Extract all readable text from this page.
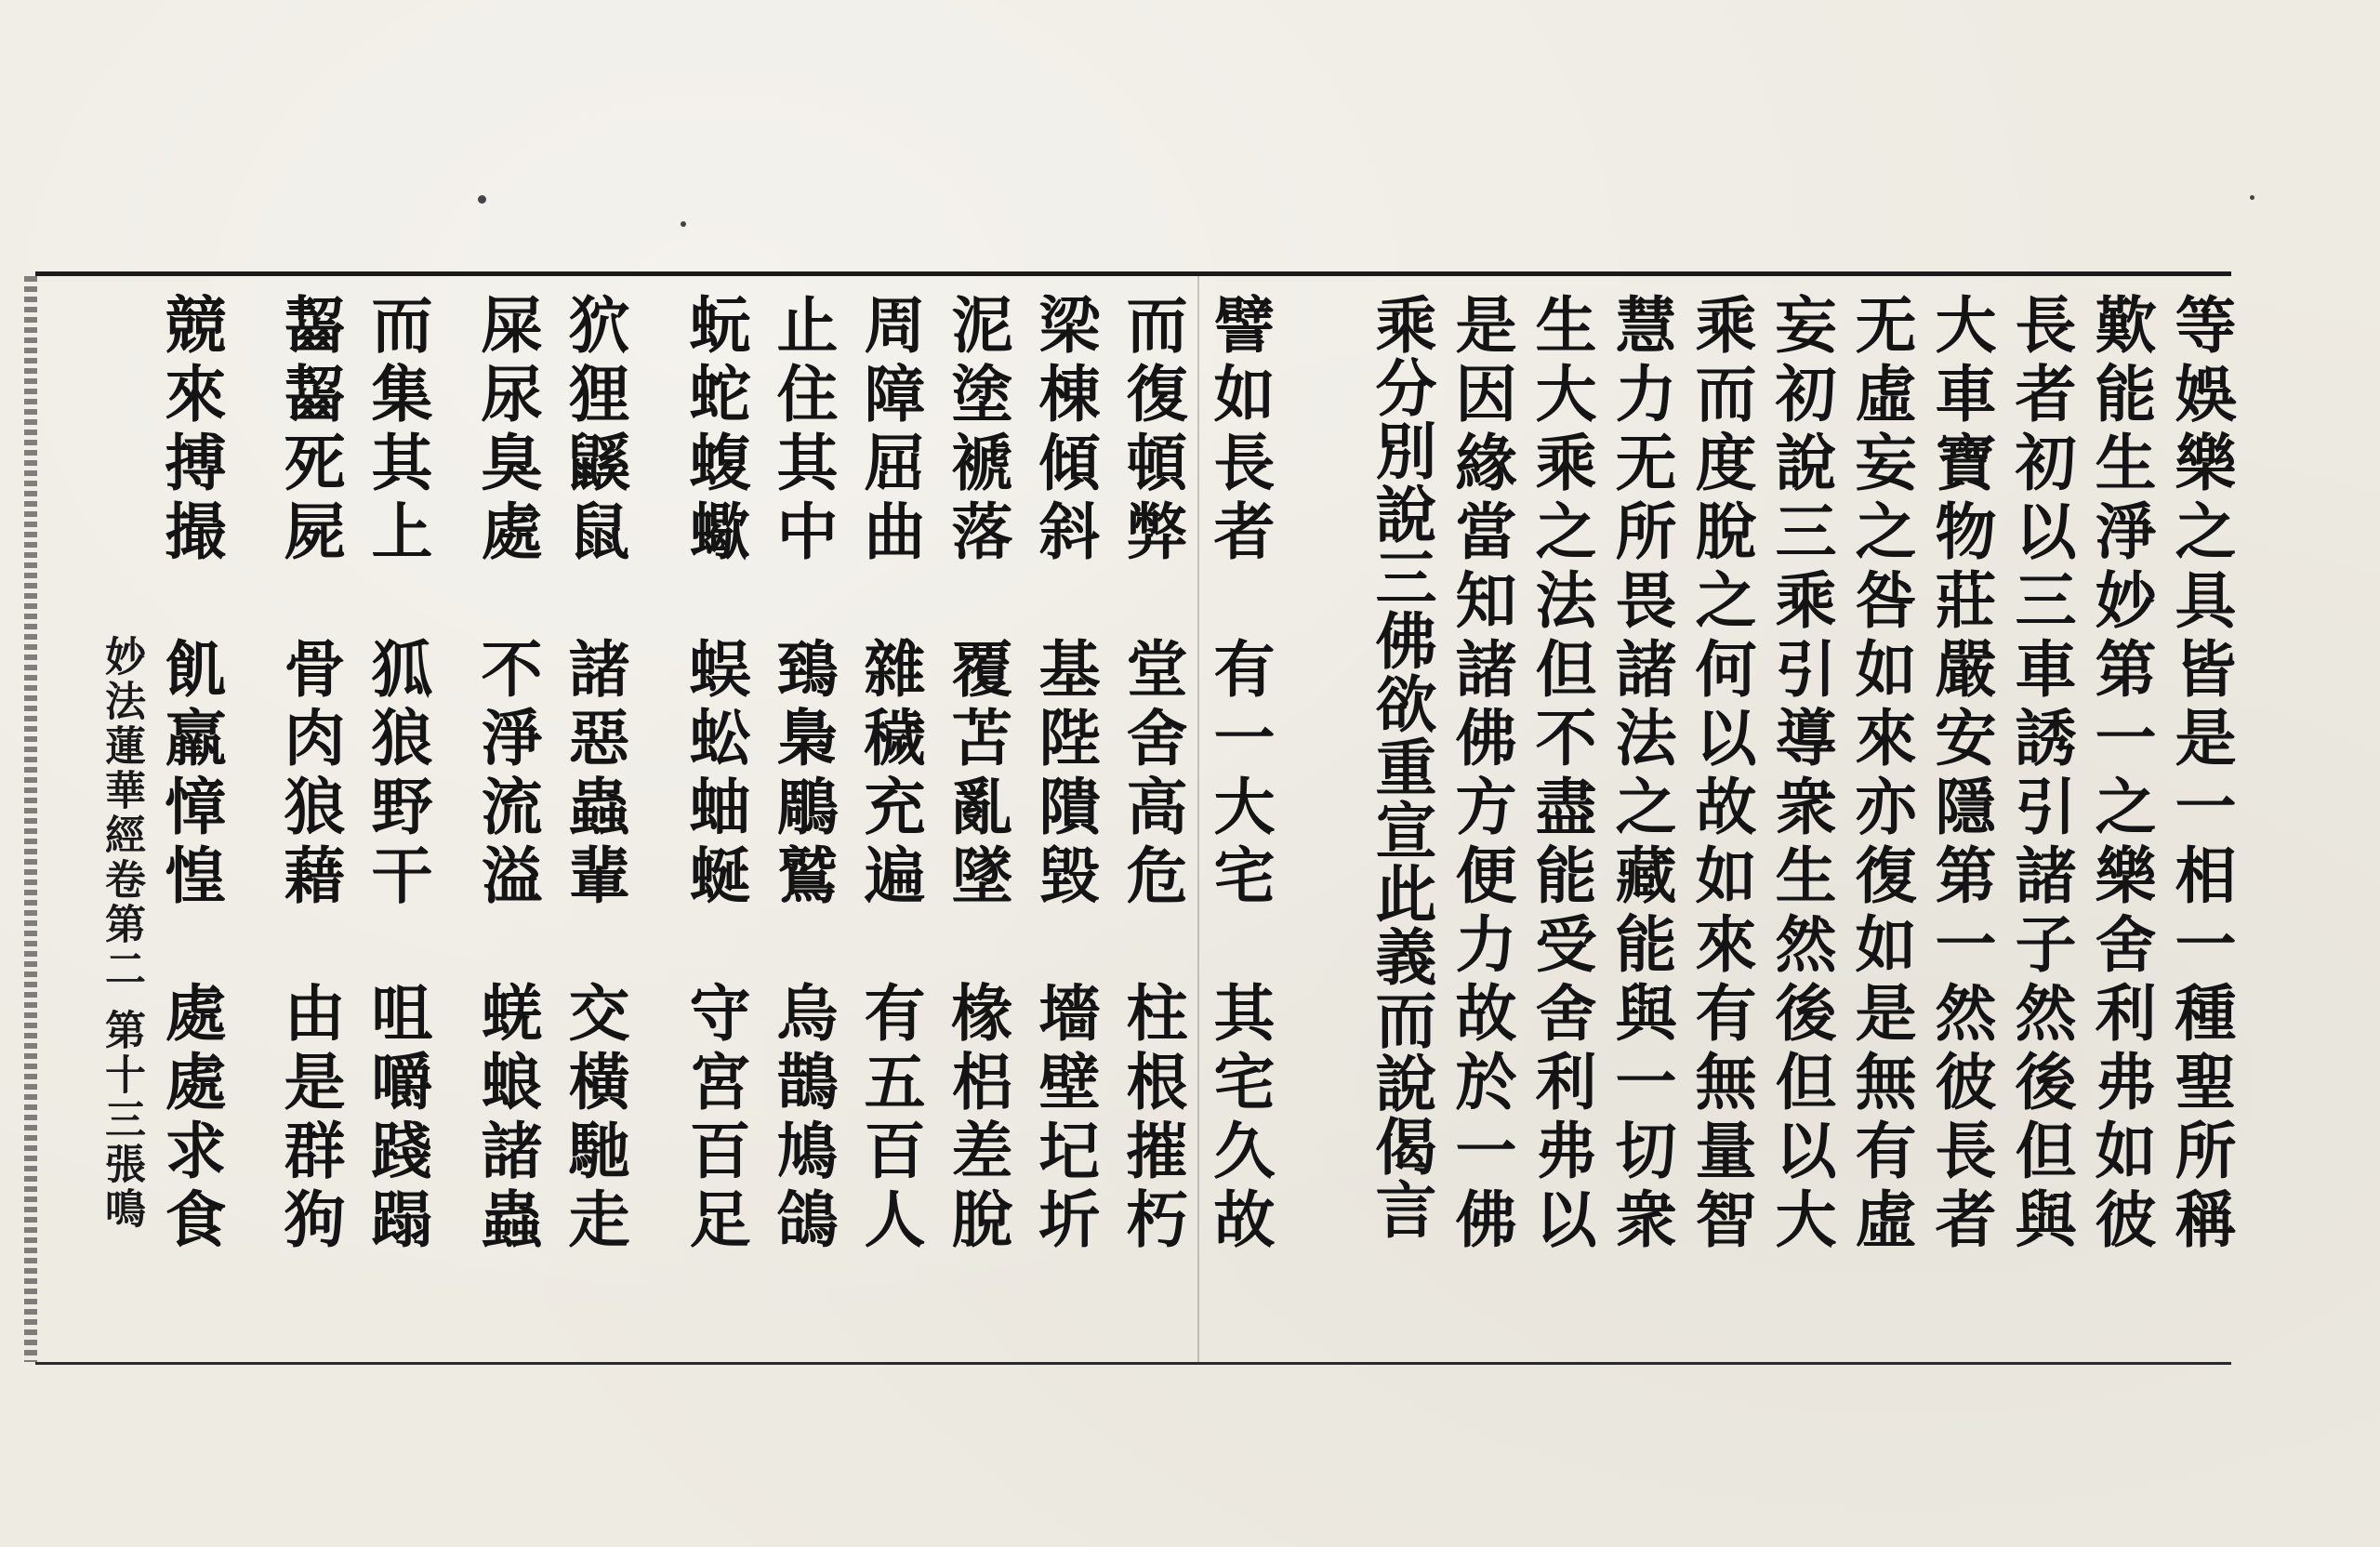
等娛樂之具皆是一相一種聖所稱
歎能生淨妙第一之樂舍利弗如彼
長者初以三車誘引諸子然後但與
大車寶物莊嚴安隱第一然彼長者
无虛妄之咎如來亦復如是無有虛
妄初說三乘引導衆生然後但以大
乘而度脫之何以故如來有無量智
慧力无所畏諸法之藏能與一切衆
生大乘之法但不盡能受舍利弗以
是因緣當知諸佛方便力故於一佛
乘分別說三佛欲重宣此義而說偈言
譬如長者　有一大宅　其宅久故
而復頓弊　堂舍高危　柱根摧朽
梁棟傾斜　基陛隤毀　墻壁圮圻
泥塗褫落　覆苫亂墜　椽梠差脫
周障屈曲　雜穢充遍　有五百人
止住其中　鵄梟鵰鷲　烏鵲鳩鴿
蚖蛇蝮蠍　蜈蚣蚰蜒　守宮百足
狖狸鼷鼠　諸惡蟲輩　交橫馳走
屎尿臭處　不淨流溢　蜣蜋諸蟲
而集其上　狐狼野干　咀嚼踐蹋
齧齧死屍　骨肉狼藉　由是群狗
競來搏撮　飢羸慞惶　處處求食
妙法蓮華經卷第二
第十三張
鳴
